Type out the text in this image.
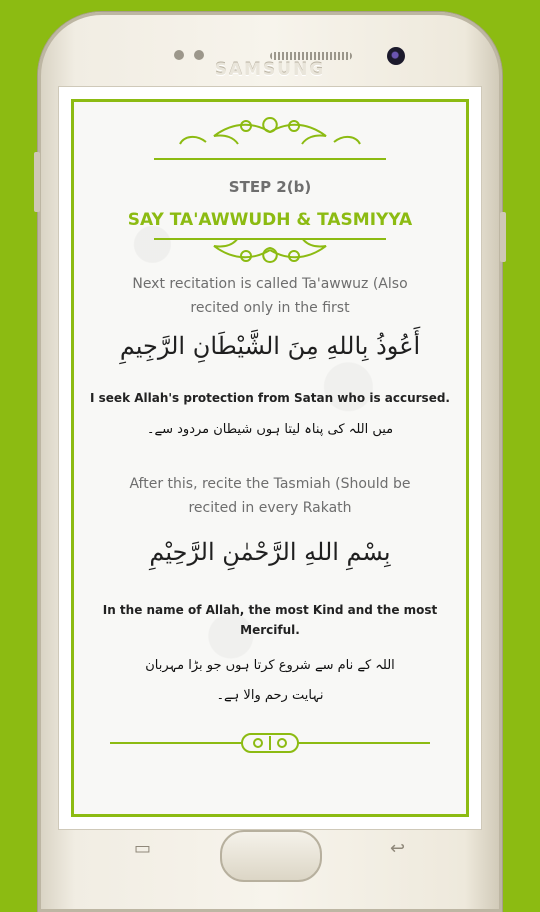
SAMSUNG
STEP 2(b)
SAY TA'AWWUDH & TASMIYYA
Next recitation is called Ta'awwuz (Also
recited only in the first
أَعُوذُ بِاللهِ مِنَ الشَّيْطَانِ الرَّجِيمِ
I seek Allah's protection from Satan who is accursed.
میں اللہ کی پناہ لیتا ہوں شیطان مردود سے۔
After this, recite the Tasmiah (Should be
recited in every Rakath
بِسْمِ اللهِ الرَّحْمٰنِ الرَّحِيْمِ
In the name of Allah, the most Kind and the most
Merciful.
اللہ کے نام سے شروع کرتا ہوں جو بڑا مہربان
نہایت رحم والا ہے۔
▭	↩
